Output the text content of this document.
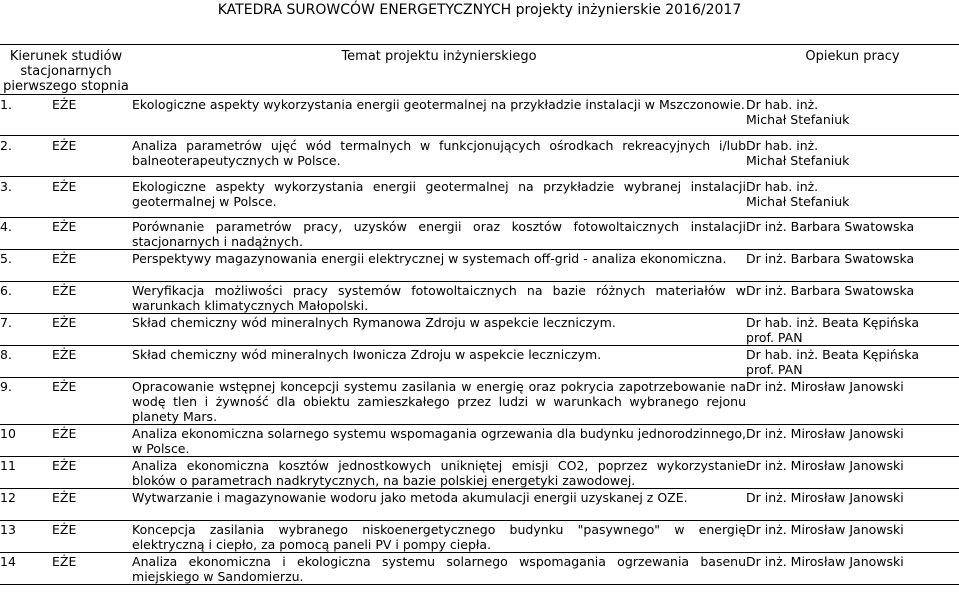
KATEDRA SUROWCÓW ENERGETYCZNYCH projekty inżynierskie 2016/2017
Kierunek studiów stacjonarnych pierwszego stopnia		Temat projektu inżynierskiego	Opiekun pracy
1.	EŻE	Ekologiczne aspekty wykorzystania energii geotermalnej na przykładzie instalacji w Mszczonowie.	Dr hab. inż.
Michał Stefaniuk

2.	EŻE	Analiza parametrów ujęć wód termalnych w funkcjonujących ośrodkach rekreacyjnych i/lub balneoterapeutycznych w Polsce.	Dr hab. inż.
Michał Stefaniuk

3.	EŻE	Ekologiczne aspekty wykorzystania energii geotermalnej na przykładzie wybranej instalacji geotermalnej w Polsce.	Dr hab. inż.
Michał Stefaniuk

4.	EŻE	Porównanie parametrów pracy, uzysków energii oraz kosztów fotowoltaicznych instalacji stacjonarnych i nadążnych.	Dr inż. Barbara Swatowska

5.	EŻE	Perspektywy magazynowania energii elektrycznej w systemach off-grid - analiza ekonomiczna.	Dr inż. Barbara Swatowska

6.	EŻE	Weryfikacja możliwości pracy systemów fotowoltaicznych na bazie różnych materiałów w warunkach klimatycznych Małopolski.	Dr inż. Barbara Swatowska

7.	EŻE	Skład chemiczny wód mineralnych Rymanowa Zdroju w aspekcie leczniczym.	Dr hab. inż. Beata Kępińska
prof. PAN

8.	EŻE	Skład chemiczny wód mineralnych Iwonicza Zdroju w aspekcie leczniczym.	Dr hab. inż. Beata Kępińska
prof. PAN

9.	EŻE	Opracowanie wstępnej koncepcji systemu zasilania w energię oraz pokrycia zapotrzebowanie na wodę tlen i żywność dla obiektu zamieszkałego przez ludzi w warunkach wybranego rejonu planety Mars.	Dr inż. Mirosław Janowski

10	EŻE	Analiza ekonomiczna solarnego systemu wspomagania ogrzewania dla budynku jednorodzinnego, w Polsce.	Dr inż. Mirosław Janowski

11	EŻE	Analiza ekonomiczna kosztów jednostkowych unikniętej emisji CO2, poprzez wykorzystanie bloków o parametrach nadkrytycznych, na bazie polskiej energetyki zawodowej.	Dr inż. Mirosław Janowski

12	EŻE	Wytwarzanie i magazynowanie wodoru jako metoda akumulacji energii uzyskanej z OZE.	Dr inż. Mirosław Janowski

13	EŻE	Koncepcja zasilania wybranego niskoenergetycznego budynku "pasywnego" w energię elektryczną i ciepło, za pomocą paneli PV i pompy ciepła.	Dr inż. Mirosław Janowski

14	EŻE	Analiza ekonomiczna i ekologiczna systemu solarnego wspomagania ogrzewania basenu miejskiego w Sandomierzu.	Dr inż. Mirosław Janowski
